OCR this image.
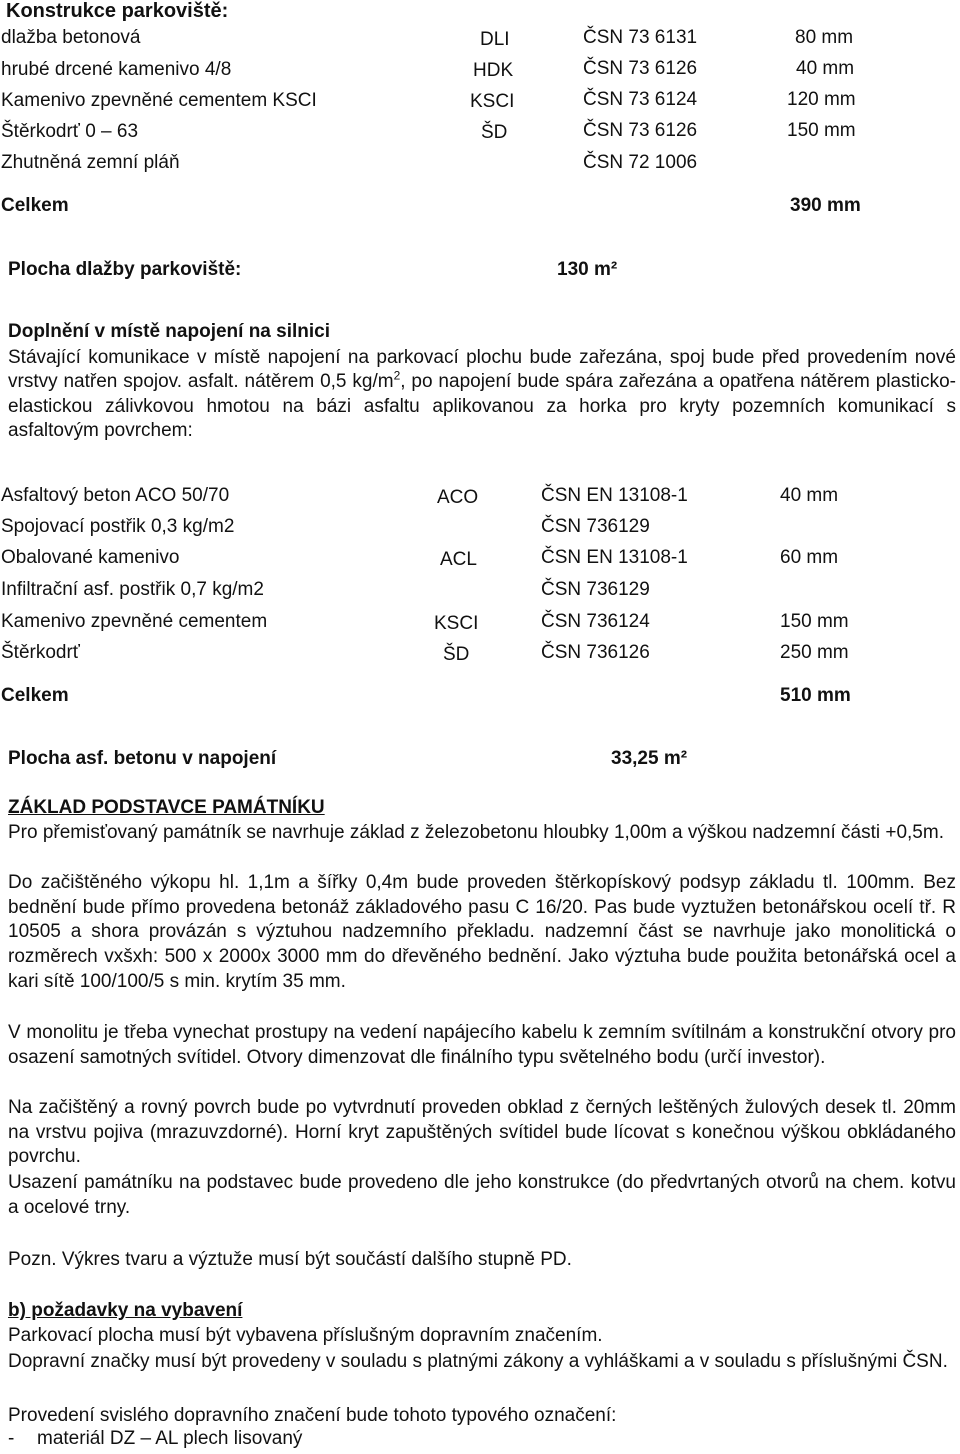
Konstrukce parkoviště:
dlažba betonová	DLI	ČSN 73 6131	80 mm
hrubé drcené kamenivo 4/8	HDK	ČSN 73 6126	40 mm
Kamenivo zpevněné cementem KSCI	KSCI	ČSN 73 6124	120 mm
Štěrkodrť 0 – 63	ŠD	ČSN 73 6126	150 mm
Zhutněná zemní pláň	ČSN 72 1006
Celkem	390 mm
Plocha dlažby parkoviště:	130 m²
Doplnění v místě napojení na silnici
Stávající komunikace v místě napojení na parkovací plochu bude zařezána, spoj bude před provedením nové vrstvy natřen spojov. asfalt. nátěrem 0,5 $kg/m^2$, po napojení bude spára zařezána a opatřena nátěrem plasticko- elastickou zálivkovou hmotou na bázi asfaltu aplikovanou za horka pro kryty pozemních komunikací s asfaltovým povrchem:
Asfaltový beton ACO 50/70	ACO	ČSN EN 13108-1	40 mm
Spojovací postřik 0,3 kg/m2	ČSN 736129
Obalované kamenivo	ACL	ČSN EN 13108-1	60 mm
Infiltrační asf. postřik 0,7 kg/m2	ČSN 736129
Kamenivo zpevněné cementem	KSCI	ČSN 736124	150 mm
Štěrkodrť	ŠD	ČSN 736126	250 mm
Celkem	510 mm
Plocha asf. betonu v napojení	33,25 m²
ZÁKLAD PODSTAVCE PAMÁTNÍKU
Pro přemisťovaný památník se navrhuje základ z železobetonu hloubky 1,00m a výškou nadzemní části +0,5m.
Do začištěného výkopu hl. 1,1m a šířky 0,4m bude proveden štěrkopískový podsyp základu tl. 100mm. Bez bednění bude přímo provedena betonáž základového pasu C 16/20. Pas bude vyztužen betonářskou ocelí tř. R 10505 a shora provázán s výztuhou nadzemního překladu. nadzemní část se navrhuje jako monolitická o rozměrech vxšxh: 500 x 2000x 3000 mm do dřevěného bednění. Jako výztuha bude použita betonářská ocel a kari sítě 100/100/5 s min. krytím 35 mm.
V monolitu je třeba vynechat prostupy na vedení napájecího kabelu k zemním svítilnám a konstrukční otvory pro osazení samotných svítidel. Otvory dimenzovat dle finálního typu světelného bodu (určí investor).
Na začištěný a rovný povrch bude po vytvrdnutí proveden obklad z černých leštěných žulových desek tl. 20mm na vrstvu pojiva (mrazuvzdorné). Horní kryt zapuštěných svítidel bude lícovat s konečnou výškou obkládaného povrchu.
Usazení památníku na podstavec bude provedeno dle jeho konstrukce (do předvrtaných otvorů na chem. kotvu a ocelové trny.
Pozn. Výkres tvaru a výztuže musí být součástí dalšího stupně PD.
b) požadavky na vybavení
Parkovací plocha musí být vybavena příslušným dopravním značením.
Dopravní značky musí být provedeny v souladu s platnými zákony a vyhláškami a v souladu s příslušnými ČSN.
Provedení svislého dopravního značení bude tohoto typového označení:
- materiál DZ – AL plech lisovaný
